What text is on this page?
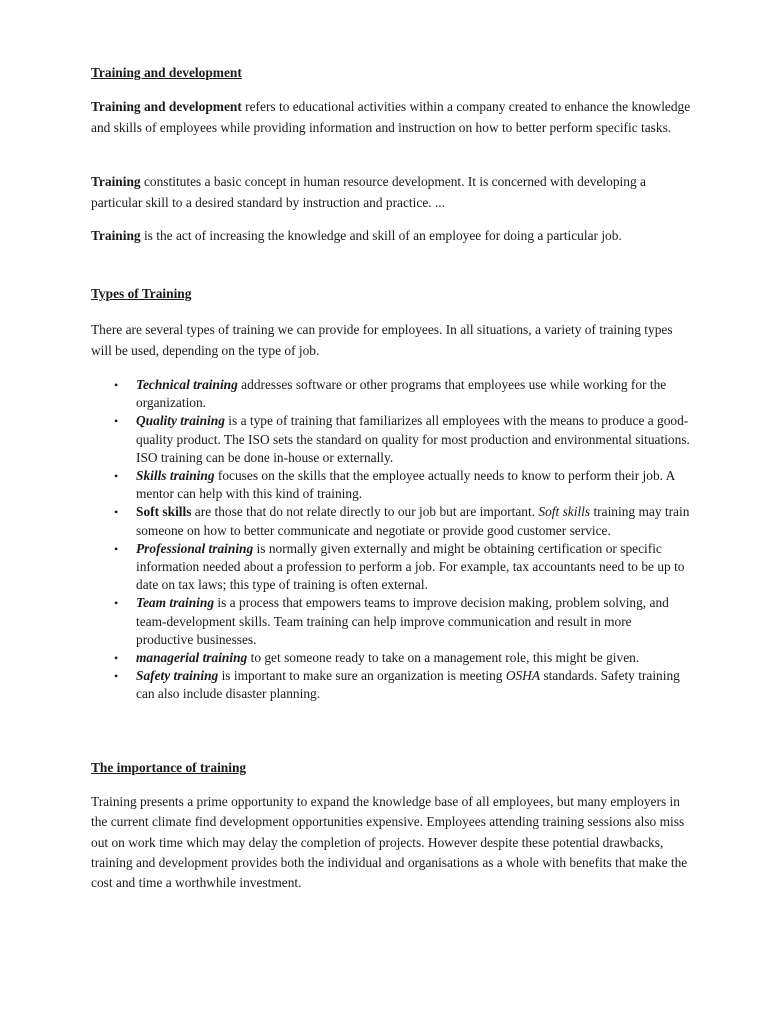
Training and development

Training and development refers to educational activities within a company created to enhance the knowledge and skills of employees while providing information and instruction on how to better perform specific tasks.

Training constitutes a basic concept in human resource development. It is concerned with developing a particular skill to a desired standard by instruction and practice. ...

Training is the act of increasing the knowledge and skill of an employee for doing a particular job.

Types of Training

There are several types of training we can provide for employees. In all situations, a variety of training types will be used, depending on the type of job.

• Technical training addresses software or other programs that employees use while working for the organization.
• Quality training is a type of training that familiarizes all employees with the means to produce a good-quality product. The ISO sets the standard on quality for most production and environmental situations. ISO training can be done in-house or externally.
• Skills training focuses on the skills that the employee actually needs to know to perform their job. A mentor can help with this kind of training.
• Soft skills are those that do not relate directly to our job but are important. Soft skills training may train someone on how to better communicate and negotiate or provide good customer service.
• Professional training is normally given externally and might be obtaining certification or specific information needed about a profession to perform a job. For example, tax accountants need to be up to date on tax laws; this type of training is often external.
• Team training is a process that empowers teams to improve decision making, problem solving, and team-development skills. Team training can help improve communication and result in more productive businesses.
• managerial training to get someone ready to take on a management role, this might be given.
• Safety training is important to make sure an organization is meeting OSHA standards. Safety training can also include disaster planning.
The importance of training

Training presents a prime opportunity to expand the knowledge base of all employees, but many employers in the current climate find development opportunities expensive. Employees attending training sessions also miss out on work time which may delay the completion of projects. However despite these potential drawbacks, training and development provides both the individual and organisations as a whole with benefits that make the cost and time a worthwhile investment.
